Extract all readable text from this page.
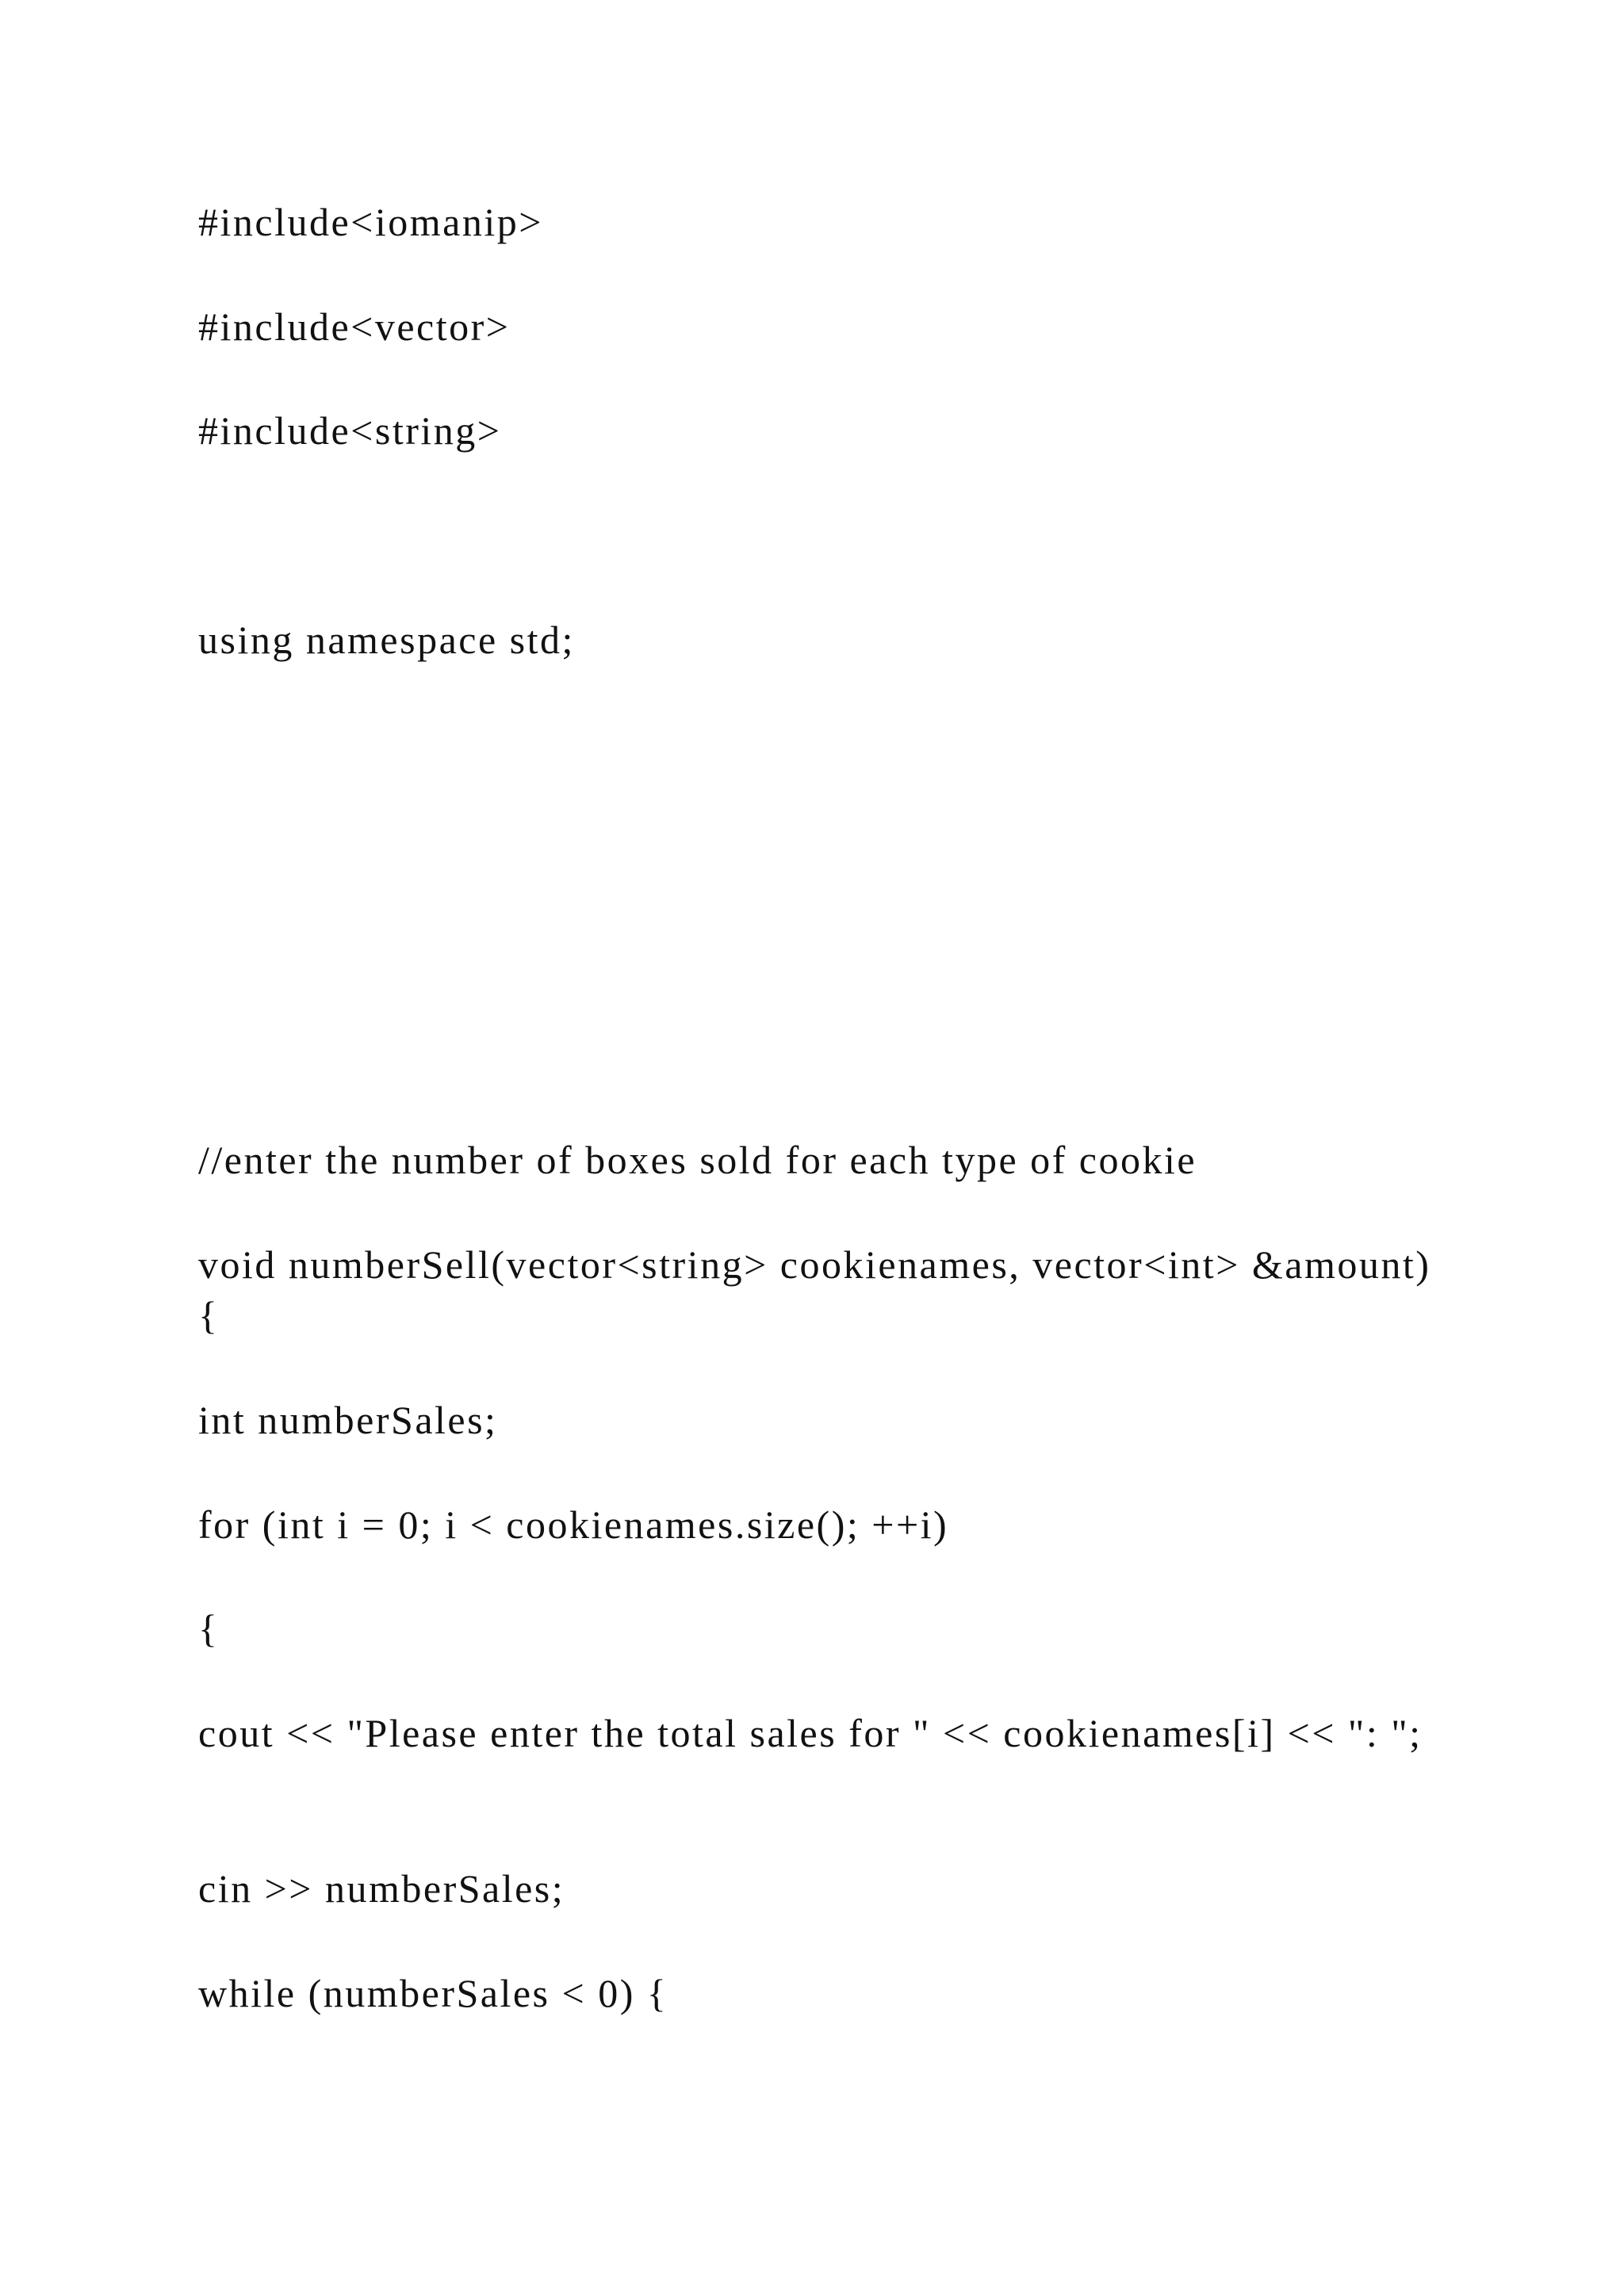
#include<iomanip>

#include<vector>

#include<string>

using namespace std;

//enter the number of boxes sold for each type of cookie

void numberSell(vector<string> cookienames, vector<int> &amount) {

int numberSales;

for (int i = 0; i < cookienames.size(); ++i)

{

cout << "Please enter the total sales for " << cookienames[i] << ": ";

cin >> numberSales;

while (numberSales < 0) {
